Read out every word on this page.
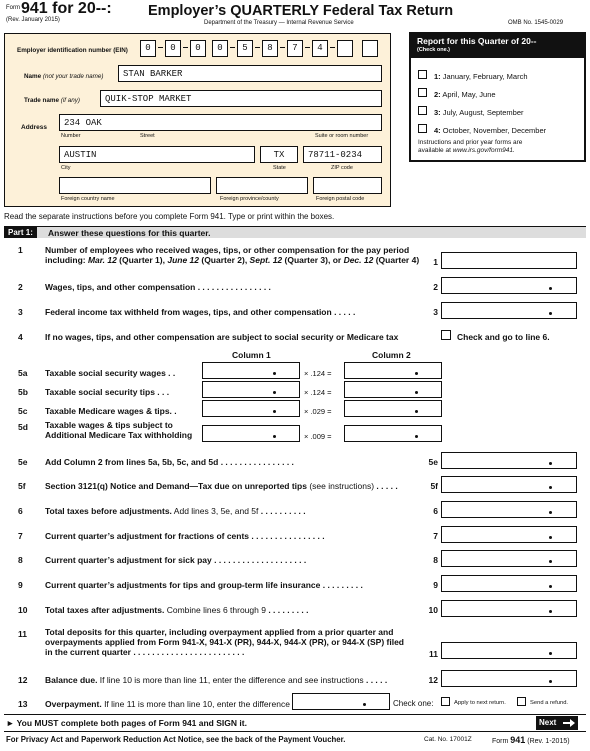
Form 941 for 20--:
(Rev. January 2015)
Employer’s QUARTERLY Federal Tax Return
Department of the Treasury — Internal Revenue Service	OMB No. 1545-0029
Employer identification number (EIN)	0	0	0	0	5	8	7	4
Name (not your trade name)	STAN BARKER
Trade name (if any)	QUIK-STOP MARKET
Address	234 OAK
Number	Street	Suite or room number
AUSTIN	TX	78711-0234
City	State	ZIP code
Foreign country name	Foreign province/county	Foreign postal code
Report for this Quarter of 20--
(Check one.)
1: January, February, March
2: April, May, June
3: July, August, September
4: October, November, December
Instructions and prior year forms are
available at www.irs.gov/form941.
Read the separate instructions before you complete Form 941. Type or print within the boxes.
Part 1:	Answer these questions for this quarter.
1	Number of employees who received wages, tips, or other compensation for the pay period
including: Mar. 12 (Quarter 1), June 12 (Quarter 2), Sept. 12 (Quarter 3), or Dec. 12 (Quarter 4)	1
2	Wages, tips, and other compensation . . . . . . . . . . . . . . . .	2
3	Federal income tax withheld from wages, tips, and other compensation . . . . .	3
4	If no wages, tips, and other compensation are subject to social security or Medicare tax	Check and go to line 6.
Column 1	Column 2
5a	Taxable social security wages . .	× .124 =
5b	Taxable social security tips . . .	× .124 =
5c	Taxable Medicare wages & tips. .	× .029 =
5d	Taxable wages & tips subject to
Additional Medicare Tax withholding	× .009 =
5e	Add Column 2 from lines 5a, 5b, 5c, and 5d . . . . . . . . . . . . . . . .	5e
5f	Section 3121(q) Notice and Demand—Tax due on unreported tips (see instructions) . . . . .	5f
6	Total taxes before adjustments. Add lines 3, 5e, and 5f . . . . . . . . . .	6
7	Current quarter’s adjustment for fractions of cents . . . . . . . . . . . . . . . .	7
8	Current quarter’s adjustment for sick pay . . . . . . . . . . . . . . . . . . . .	8
9	Current quarter’s adjustments for tips and group-term life insurance . . . . . . . . .	9
10	Total taxes after adjustments. Combine lines 6 through 9 . . . . . . . . .	10
11	Total deposits for this quarter, including overpayment applied from a prior quarter and
overpayments applied from Form 941-X, 941-X (PR), 944-X, 944-X (PR), or 944-X (SP) filed
in the current quarter . . . . . . . . . . . . . . . . . . . . . . . .	11
12	Balance due. If line 10 is more than line 11, enter the difference and see instructions . . . . .	12
13	Overpayment. If line 11 is more than line 10, enter the difference	Check one:	Apply to next return.	Send a refund.
► You MUST complete both pages of Form 941 and SIGN it.	Next
For Privacy Act and Paperwork Reduction Act Notice, see the back of the Payment Voucher.	Cat. No. 17001Z	Form 941 (Rev. 1-2015)
